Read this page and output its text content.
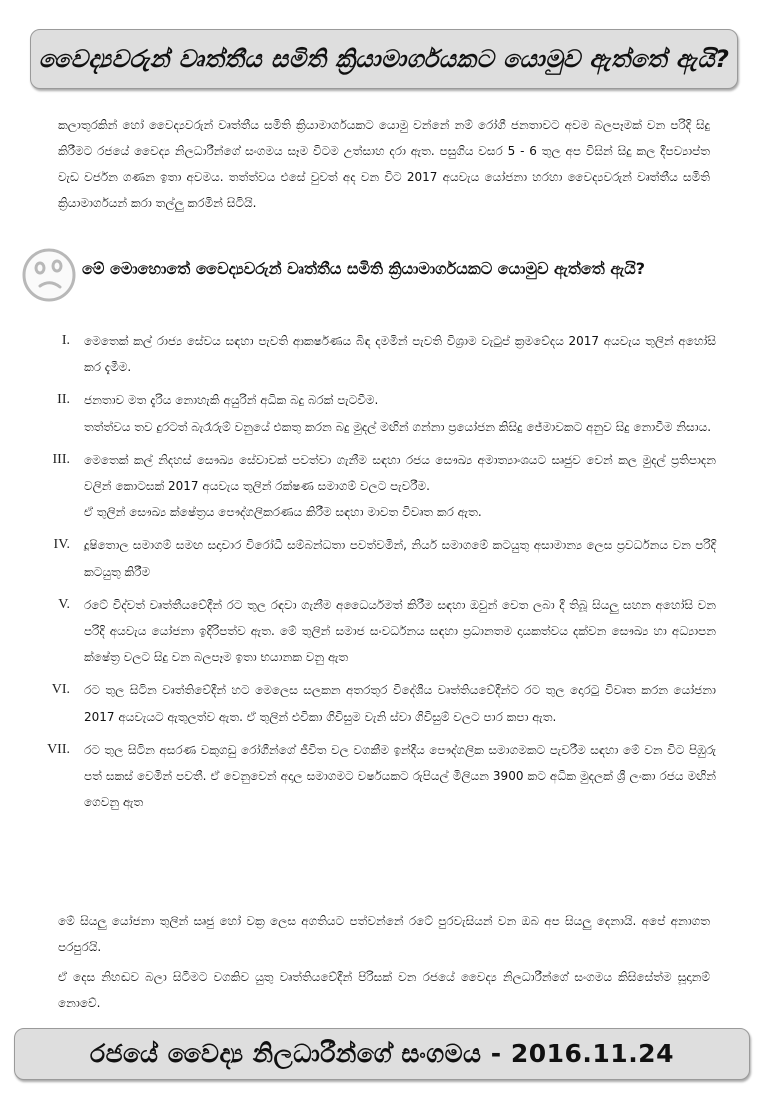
වෛද්‍යවරුන් වෘත්තීය සමිති ක්‍රියාමාර්ගයකට යොමුව ඇත්තේ ඇයි?
කලාතුරකින් හෝ වෛද්‍යවරුන් වෘත්තීය සමිති ක්‍රියාමාර්ගයකට යොමු වන්නේ නම් රෝගී ජනතාවට අවම බලපෑමක් වන පරිදි සිදු කිරීමට රජයේ වෛද්‍ය නිලධාරීන්ගේ සංගමය සෑම විටම උත්සාහ දරා ඇත. පසුගිය වසර 5 - 6 තුල අප විසින් සිදු කල දීපව්‍යාප්ත වැඩ වර්ජන ගණන ඉතා අවමය. තත්ත්වය එසේ වුවත් අද වන විට 2017 අයවැය යෝජනා හරහා වෛද්‍යවරුන් වෘත්තීය සමිති ක්‍රියාමාර්ගයන් කරා තල්ලු කරමින් සිටියි.
මේ මොහොතේ වෛද්‍යවරුන් වෘත්තීය සමිති ක්‍රියාමාර්ගයකට යොමුව ඇත්තේ ඇයි?
I.	මෙතෙක් කල් රාජ්‍ය සේවය සඳහා පැවති ආකර්ෂණය බිඳ දමමින් පැවති විශ්‍රාම වැටුප් ක්‍රමවේදය 2017 අයවැය තුලින් අහෝසි කර දැමීම.

II.	ජනතාව මත දැරිය නොහැකි අයුරින් අධික බදු බරක් පැටවීම.

තත්ත්වය තව දුරටත් බැරෑරුම් වනුයේ එකතු කරන බදු මුදල් මඟින් ගන්නා ප්‍රයෝජන කිසිදු ජේමාවකට අනුව සිදු නොවීම නිසාය.

III.	මෙතෙක් කල් නිදහස් සෞඛ්‍ය සේවාවක් පවත්වා ගැනීම සඳහා රජය සෞඛ්‍ය අමාත්‍යාංශයට සෘජුව වෙන් කල මුදල් ප්‍රතිපාදන වලින් කොටසක් 2017 අයවැය තුලින් රක්ෂණ සමාගම් වලට පැවරීම.

ඒ තුලින් සෞඛ්‍ය ක්ෂේත්‍රය පෞද්ගලිකරණය කිරීම සඳහා මාවත විවෘත කර ඇත.

IV.	දූෂිතොල සමාගම් සමඟ සදාචාර විරෝධී සම්බන්ධතා පවත්වමින්, නියර් සමාගමේ කටයුතු අසාමාන්‍ය ලෙස ප්‍රවර්ධනය වන පරිදි කටයුතු කිරීම

V.	රටේ විද්වත් වෘත්තීයවේදීන් රට තුල රඳවා ගැනීම අධෛර්යමත් කිරීම සඳහා ඔවුන් වෙත ලබා දී තිබූ සියලු සහන අහෝසි වන පරිදි අයවැය යෝජනා ඉදිරිපත්ව ඇත. මේ තුලින් සමාජ සංවර්ධනය සඳහා ප්‍රධානතම දායකත්වය දක්වන සෞඛ්‍ය හා අධ්‍යාපන ක්ෂේත්‍ර වලට සිදු වන බලපෑම ඉතා භයානක වනු ඇත

VI.	රට තුල සිටින වෘත්තිවේදීන් හට මෙලෙස සලකන අතරතුර විදේශීය වෘත්තියවේදීන්ට රට තුල දොරටු විවෘත කරන යෝජනා 2017 අයවැයට ඇතුලත්ව ඇත. ඒ තුලින් එවිකා ගිවිසුම වැනි ස්වා ගිවිසුම් වලට පාර කපා ඇත.

VII.	රට තුල සිටින අසරණ වකුගඩු රෝගීන්ගේ ජීවිත වල වගකීම ඉන්දීය පෞද්ගලික සමාගමකට පැවරීම සඳහා මේ වන විට පිඹුරු පත් සකස් වෙමින් පවතී. ඒ වෙනුවෙන් අදාල සමාගමට වර්ෂයකට රුපියල් මිලියන 3900 කට අධික මුදලක් ශ්‍රී ලංකා රජය මඟින් ගෙවනු ඇත

මේ සියලු යෝජනා තුලින් සෘජු හෝ වක්‍ර ලෙස අගතියට පත්වන්නේ රටේ පුරවැසියන් වන ඔබ අප සියලු දෙනායි. අපේ අනාගත පරපුරයි.
ඒ දෙස නිහඬව බලා සිටීමට වගකිව යුතු වෘත්තියවේදීන් පිරිසක් වන රජයේ වෛද්‍ය නිලධාරීන්ගේ සංගමය කිසිසේත්ම සූදානම් නොවේ.
රජයේ වෛද්‍ය නිලධාරීන්ගේ සංගමය - 2016.11.24
